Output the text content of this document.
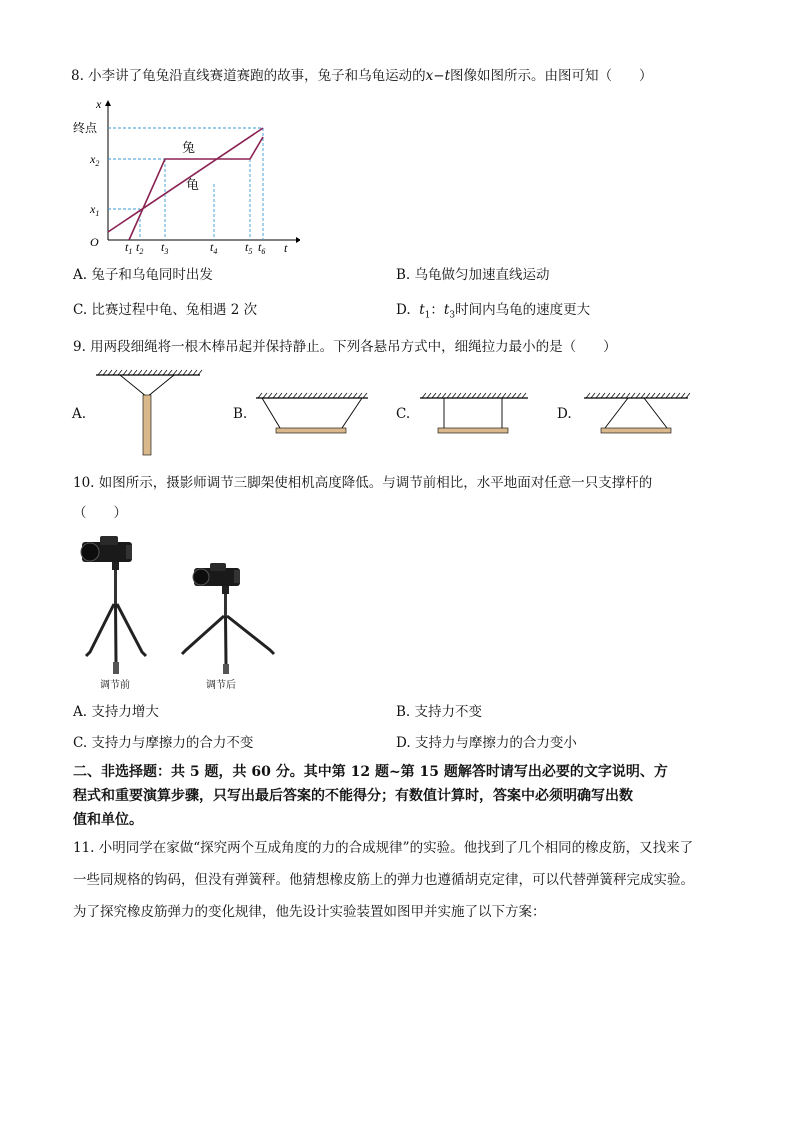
8. 小李讲了龟兔沿直线赛道赛跑的故事，兔子和乌龟运动的x−t图像如图所示。由图可知（　　）
x
t
O
终点
$x_2$
$x_1$
$t_1$ $t_2$ $t_3$	$t_4$ $t_5$ $t_6$
兔
龟
A. 兔子和乌龟同时出发	B. 乌龟做匀加速直线运动
C. 比赛过程中龟、兔相遇 2 次	D. $t_1$：$t_3$时间内乌龟的速度更大
9. 用两段细绳将一根木棒吊起并保持静止。下列各悬吊方式中，细绳拉力最小的是（　　）
A.	B.	C.	D.
10. 如图所示，摄影师调节三脚架使相机高度降低。与调节前相比，水平地面对任意一只支撑杆的
（　　）
调节前	调节后
A. 支持力增大	B. 支持力不变
C. 支持力与摩擦力的合力不变	D. 支持力与摩擦力的合力变小
二、非选择题：共 5 题，共 60 分。其中第 12 题~第 15 题解答时请写出必要的文字说明、方
程式和重要演算步骤，只写出最后答案的不能得分；有数值计算时，答案中必须明确写出数
值和单位。
11. 小明同学在家做“探究两个互成角度的力的合成规律”的实验。他找到了几个相同的橡皮筋，又找来了
一些同规格的钩码，但没有弹簧秤。他猜想橡皮筋上的弹力也遵循胡克定律，可以代替弹簧秤完成实验。
为了探究橡皮筋弹力的变化规律，他先设计实验装置如图甲并实施了以下方案：
